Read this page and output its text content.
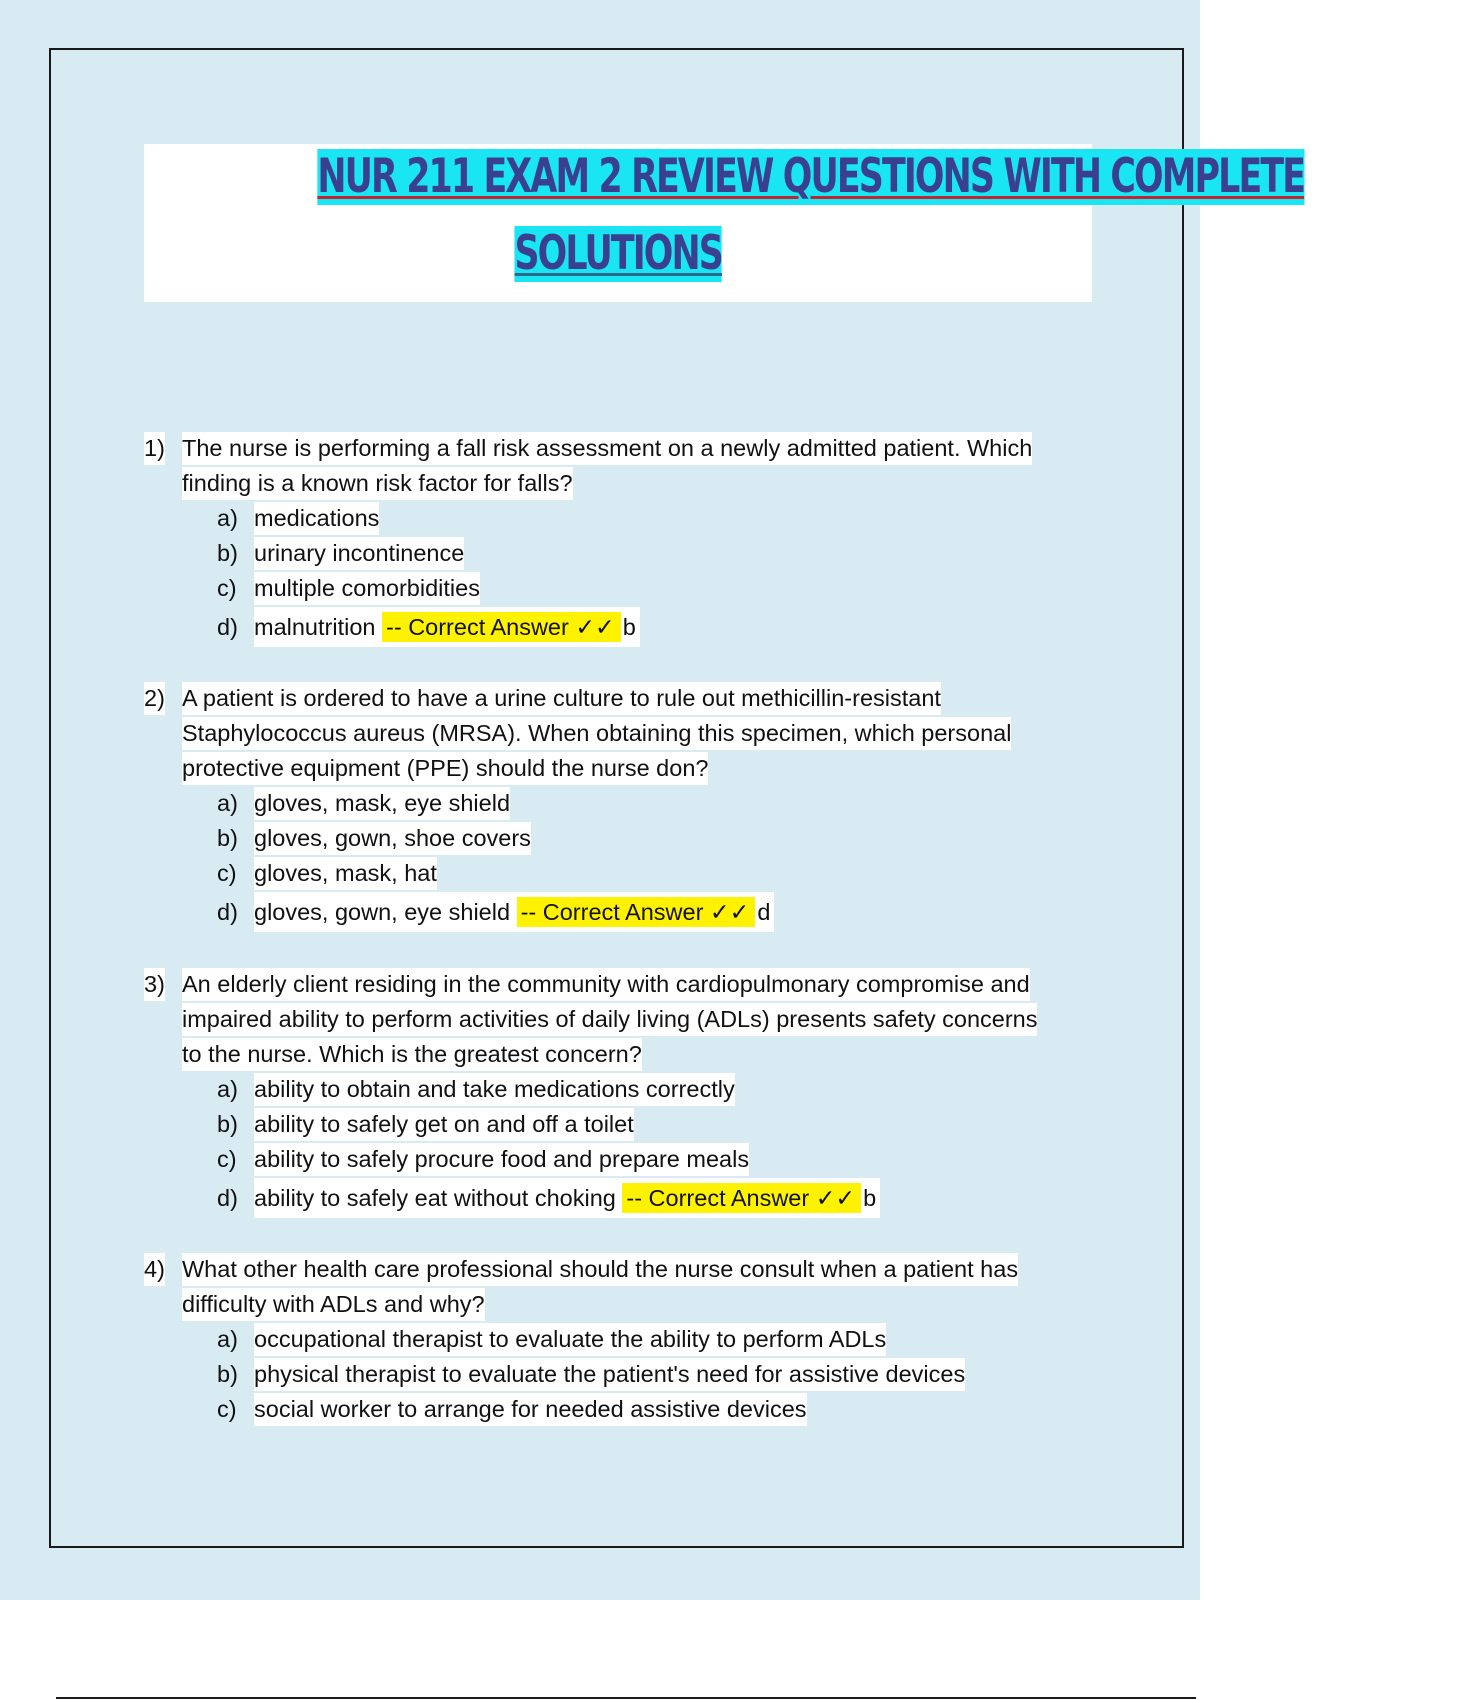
NUR 211 EXAM 2 REVIEW QUESTIONS WITH COMPLETE
SOLUTIONS
1) The nurse is performing a fall risk assessment on a newly admitted patient. Which
finding is a known risk factor for falls?
a) medications
b) urinary incontinence
c) multiple comorbidities
d) malnutrition -- Correct Answer ✓✓ b
2) A patient is ordered to have a urine culture to rule out methicillin-resistant
Staphylococcus aureus (MRSA). When obtaining this specimen, which personal
protective equipment (PPE) should the nurse don?
a) gloves, mask, eye shield
b) gloves, gown, shoe covers
c) gloves, mask, hat
d) gloves, gown, eye shield -- Correct Answer ✓✓ d
3) An elderly client residing in the community with cardiopulmonary compromise and
impaired ability to perform activities of daily living (ADLs) presents safety concerns
to the nurse. Which is the greatest concern?
a) ability to obtain and take medications correctly
b) ability to safely get on and off a toilet
c) ability to safely procure food and prepare meals
d) ability to safely eat without choking -- Correct Answer ✓✓ b
4) What other health care professional should the nurse consult when a patient has
difficulty with ADLs and why?
a) occupational therapist to evaluate the ability to perform ADLs
b) physical therapist to evaluate the patient's need for assistive devices
c) social worker to arrange for needed assistive devices
